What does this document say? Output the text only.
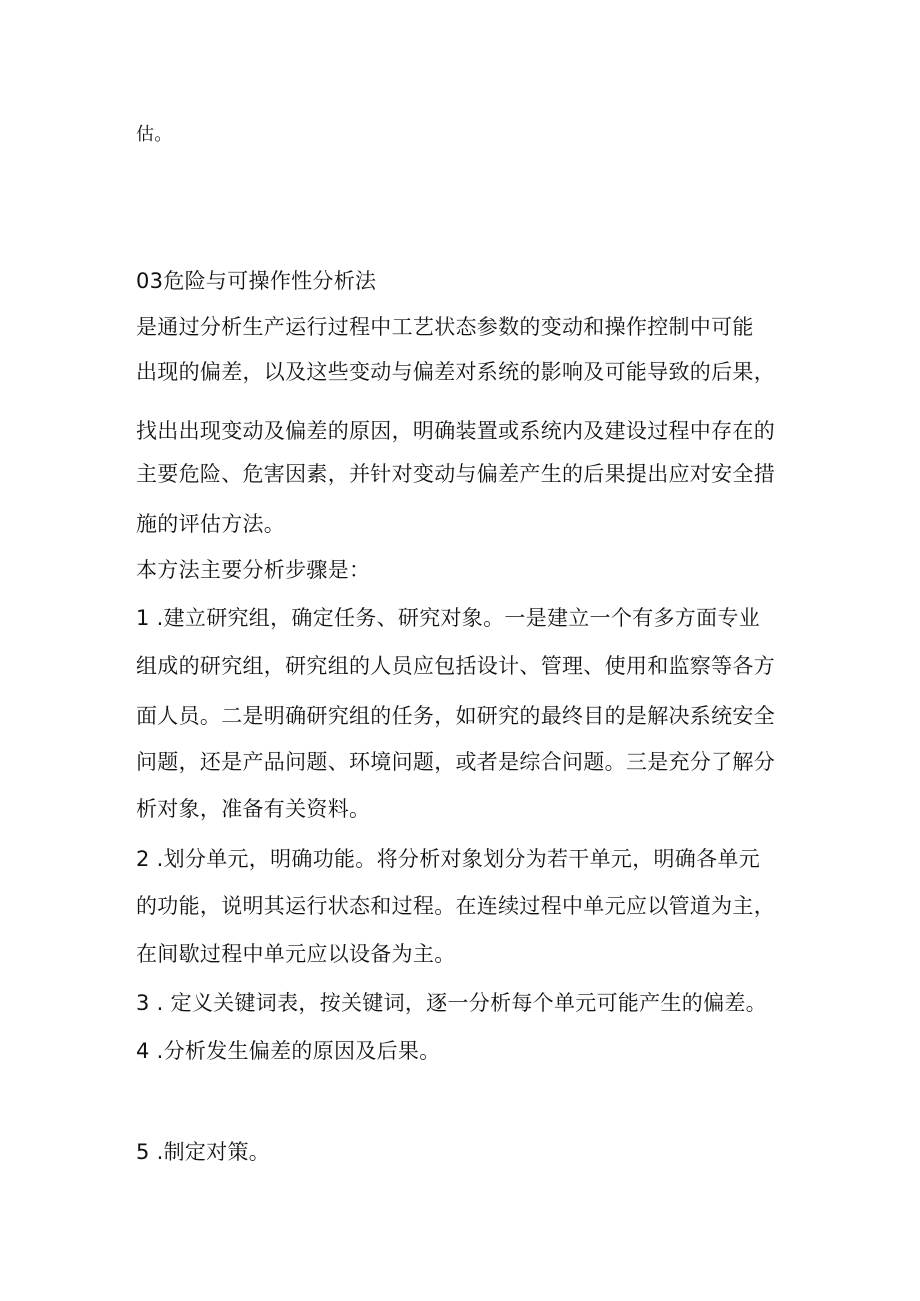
估。
03危险与可操作性分析法
是通过分析生产运行过程中工艺状态参数的变动和操作控制中可能
出现的偏差，以及这些变动与偏差对系统的影响及可能导致的后果，
找出出现变动及偏差的原因，明确装置或系统内及建设过程中存在的
主要危险、危害因素，并针对变动与偏差产生的后果提出应对安全措
施的评估方法。
本方法主要分析步骤是：
1 .建立研究组，确定任务、研究对象。一是建立一个有多方面专业
组成的研究组，研究组的人员应包括设计、管理、使用和监察等各方
面人员。二是明确研究组的任务，如研究的最终目的是解决系统安全
问题，还是产品问题、环境问题，或者是综合问题。三是充分了解分
析对象，准备有关资料。
2 .划分单元，明确功能。将分析对象划分为若干单元，明确各单元
的功能，说明其运行状态和过程。在连续过程中单元应以管道为主，
在间歇过程中单元应以设备为主。
3 . 定义关键词表，按关键词，逐一分析每个单元可能产生的偏差。
4 .分析发生偏差的原因及后果。
5 .制定对策。
